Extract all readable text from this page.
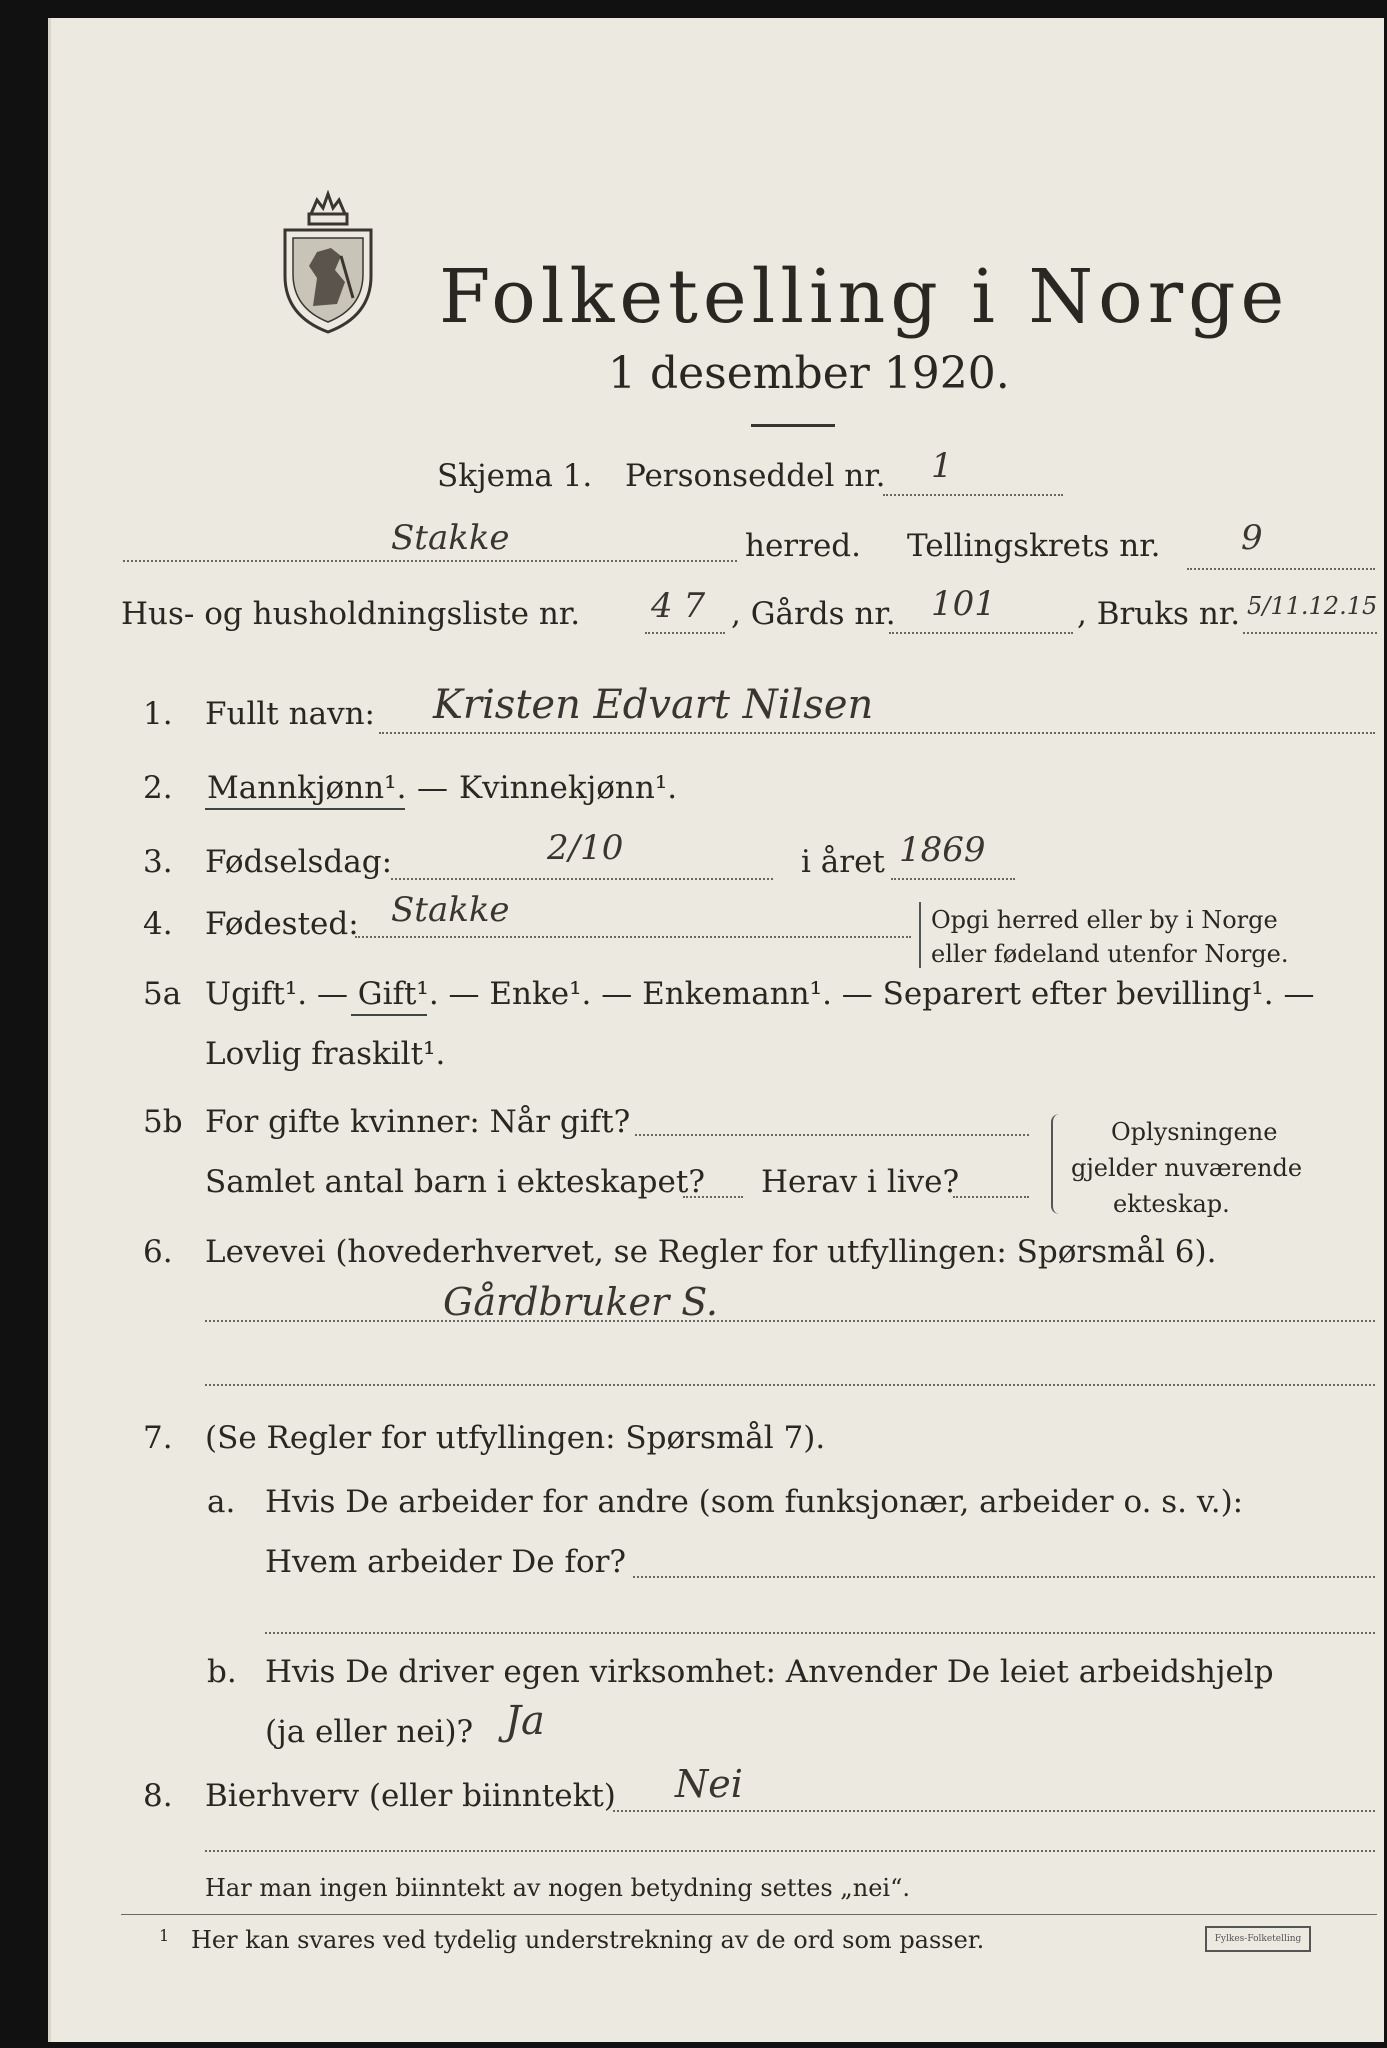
Folketelling i Norge
1 desember 1920.
Skjema 1. Personseddel nr. 1
Stakke	herred. Tellingskrets nr. 9
Hus- og husholdningsliste nr. 4 7 , Gårds nr. 101	, Bruks nr. 5/11.12.15
1. Fullt navn: Kristen Edvart Nilsen
2. Mannkjønn¹. — Kvinnekjønn¹.
3. Fødselsdag:	2/10	i året 1869
4. Fødested: Stakke	Opgi herred eller by i Norge
eller fødeland utenfor Norge.
5a Ugift¹. — Gift¹. — Enke¹. — Enkemann¹. — Separert efter bevilling¹. —
Lovlig fraskilt¹.
5b For gifte kvinner: Når gift?
Samlet antal barn i ekteskapet? Herav i live?
Oplysningene
gjelder nuværende
ekteskap.
6. Levevei (hovederhvervet, se Regler for utfyllingen: Spørsmål 6).
Gårdbruker S.
7. (Se Regler for utfyllingen: Spørsmål 7).
a. Hvis De arbeider for andre (som funksjonær, arbeider o. s. v.):
Hvem arbeider De for?
b. Hvis De driver egen virksomhet: Anvender De leiet arbeidshjelp
(ja eller nei)? Ja
8. Bierhverv (eller biinntekt) Nei
Har man ingen biinntekt av nogen betydning settes „nei“.
1 Her kan svares ved tydelig understrekning av de ord som passer.	Fylkes-Folketelling
